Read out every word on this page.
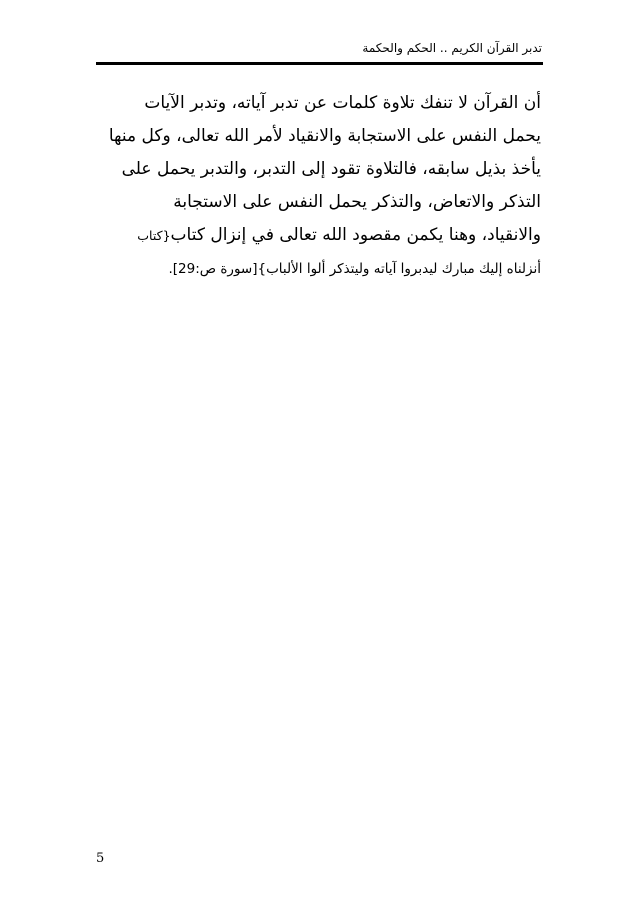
تدبر القرآن الكريم .. الحكم والحكمة
أن القرآن لا تنفك تلاوة كلمات عن تدبر آياته، وتدبر الآيات
يحمل النفس على الاستجابة والانقياد لأمر الله تعالى، وكل منها
يأخذ بذيل سابقه، فالتلاوة تقود إلى التدبر، والتدبر يحمل على
التذكر والاتعاض، والتذكر يحمل النفس على الاستجابة
والانقياد، وهنا يكمن مقصود الله تعالى في إنزال كتاب{كتاب
أنزلناه إليك مبارك ليدبروا آياته وليتذكر ألوا الألباب}[سورة ص:29].
5
